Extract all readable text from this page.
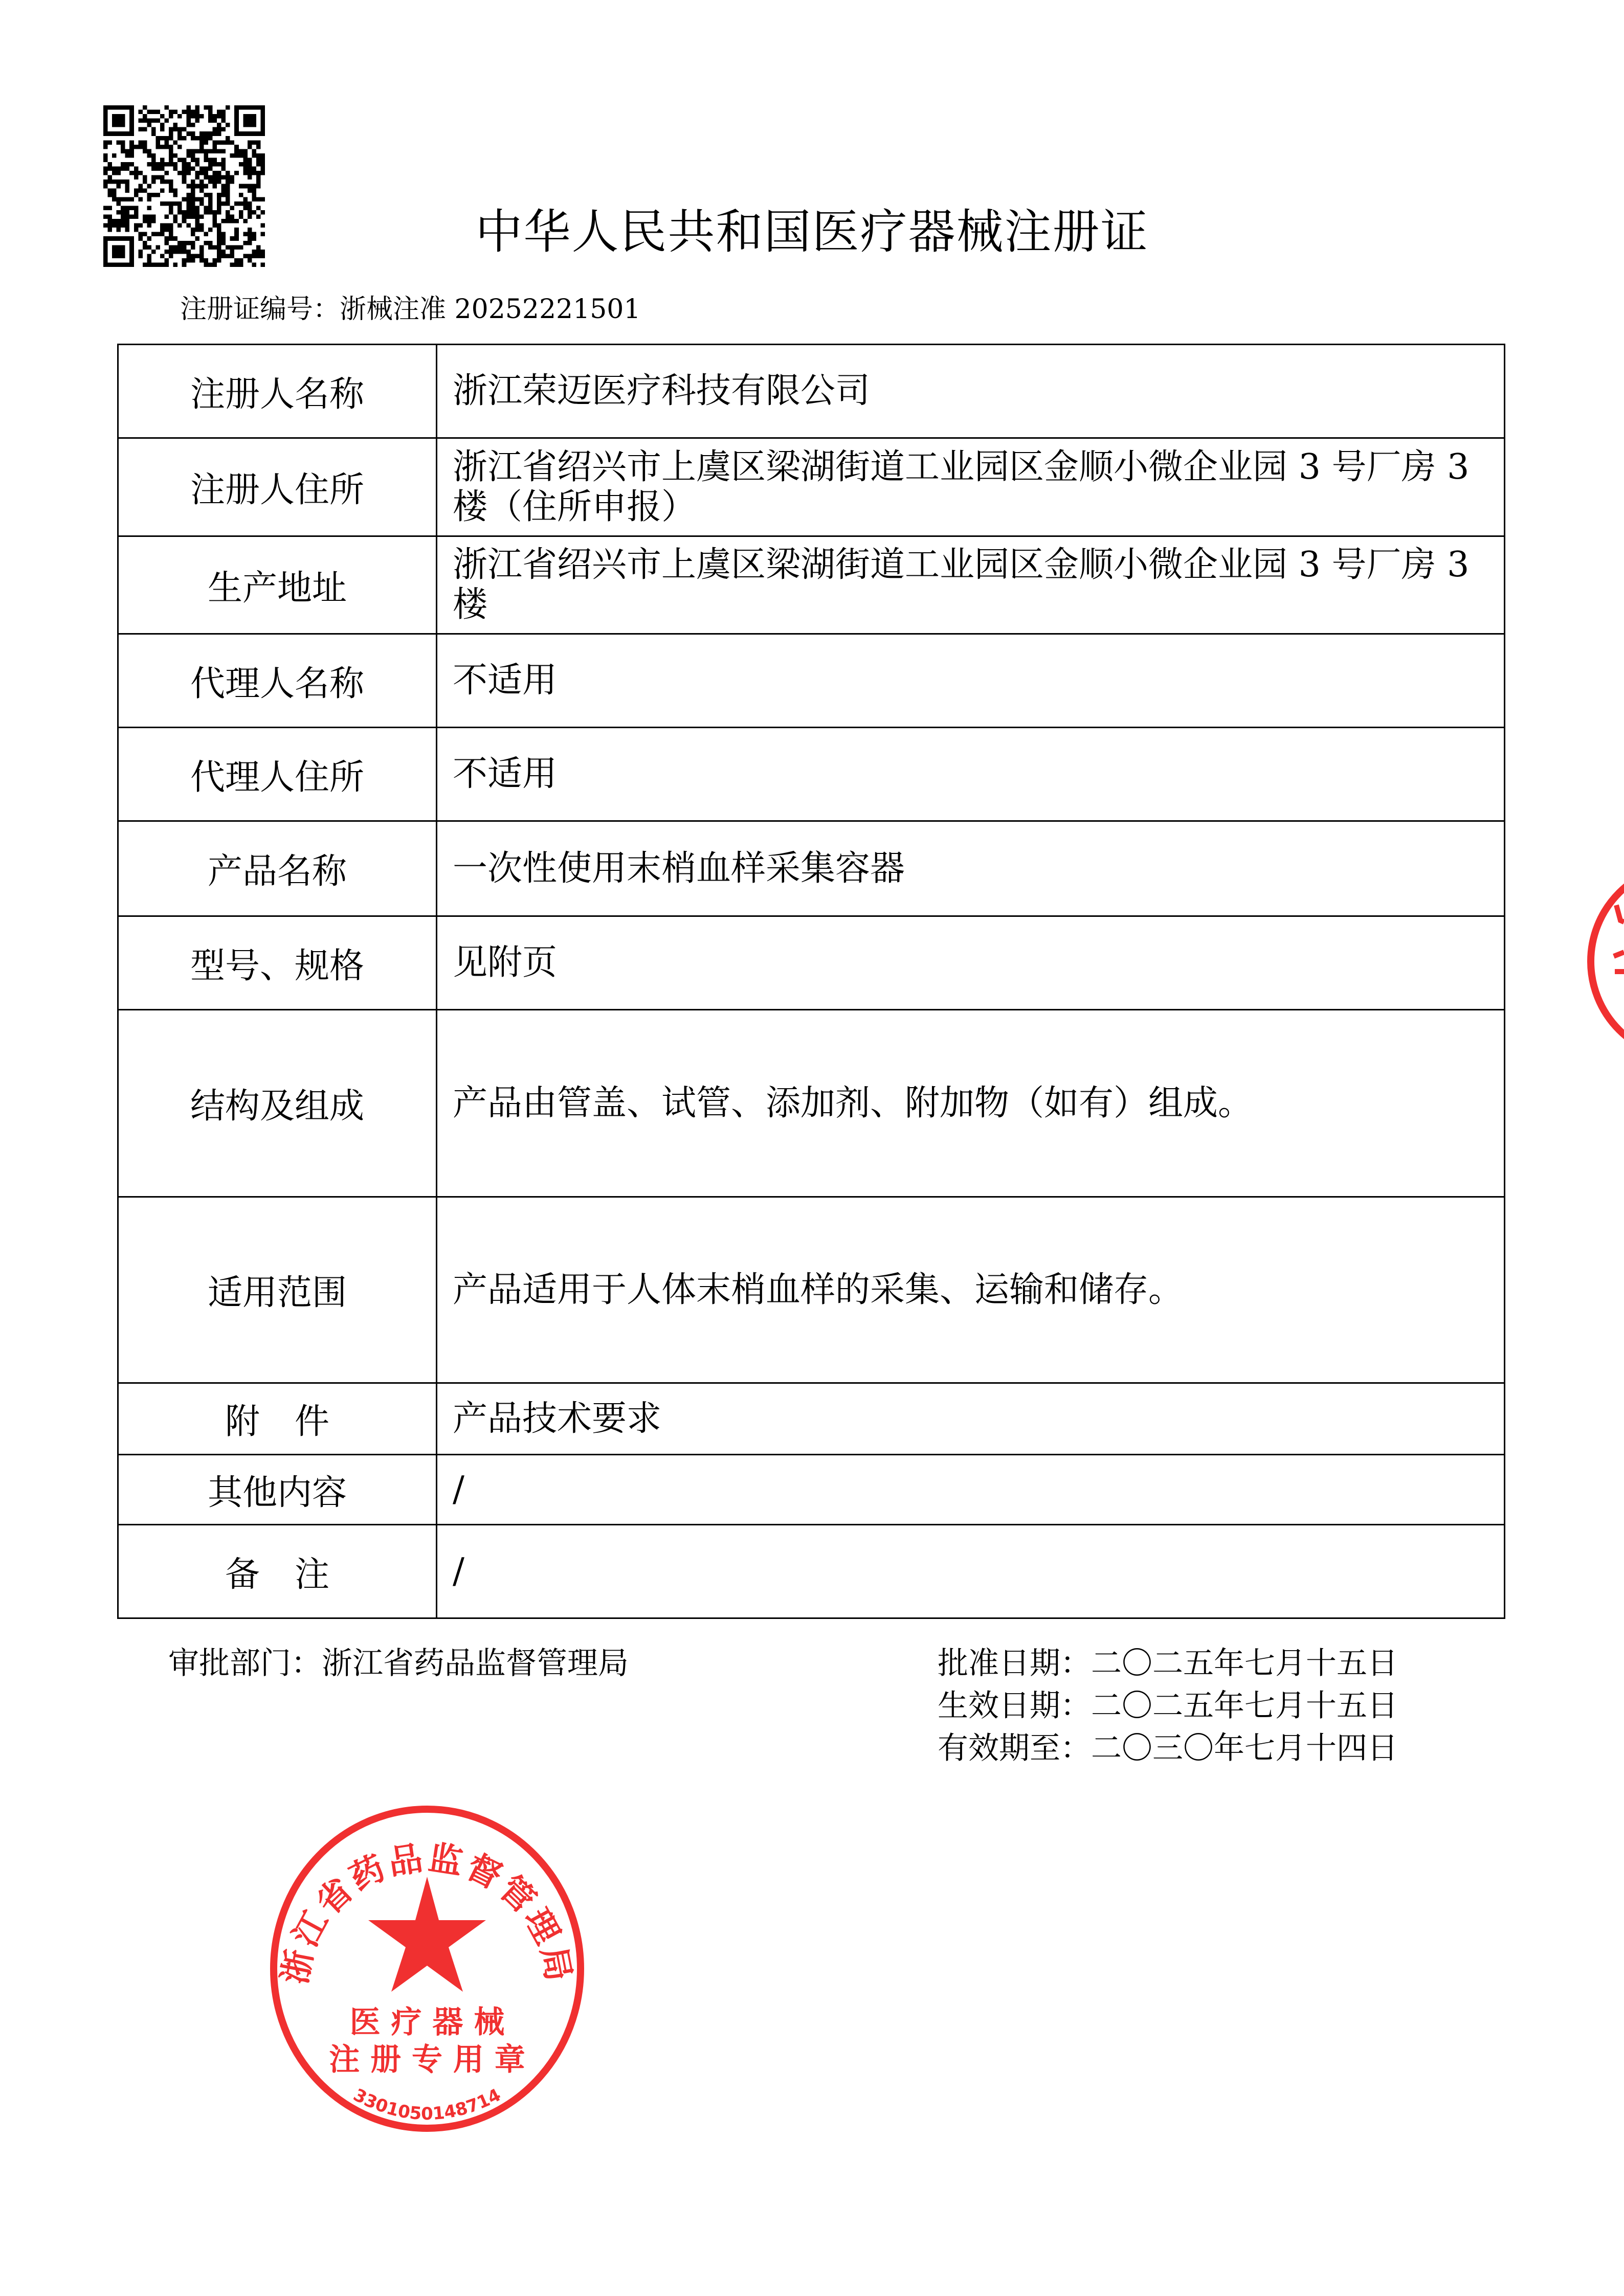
中华人民共和国医疗器械注册证
注册证编号：浙械注准 20252221501
注册人名称	浙江荣迈医疗科技有限公司
注册人住所	浙江省绍兴市上虞区梁湖街道工业园区金顺小微企业园 3 号厂房 3 楼（住所申报）
生产地址	浙江省绍兴市上虞区梁湖街道工业园区金顺小微企业园 3 号厂房 3 楼
代理人名称	不适用
代理人住所	不适用
产品名称	一次性使用末梢血样采集容器
型号、规格	见附页
结构及组成	产品由管盖、试管、添加剂、附加物（如有）组成。
适用范围	产品适用于人体末梢血样的采集、运输和储存。
附　件	产品技术要求
其他内容	/
备　注	/
审批部门：浙江省药品监督管理局	批准日期：二〇二五年七月十五日
生效日期：二〇二五年七月十五日
有效期至：二〇三〇年七月十四日
浙江省药品监督管理局
医 疗 器 械
注 册 专 用 章
3301050148714
